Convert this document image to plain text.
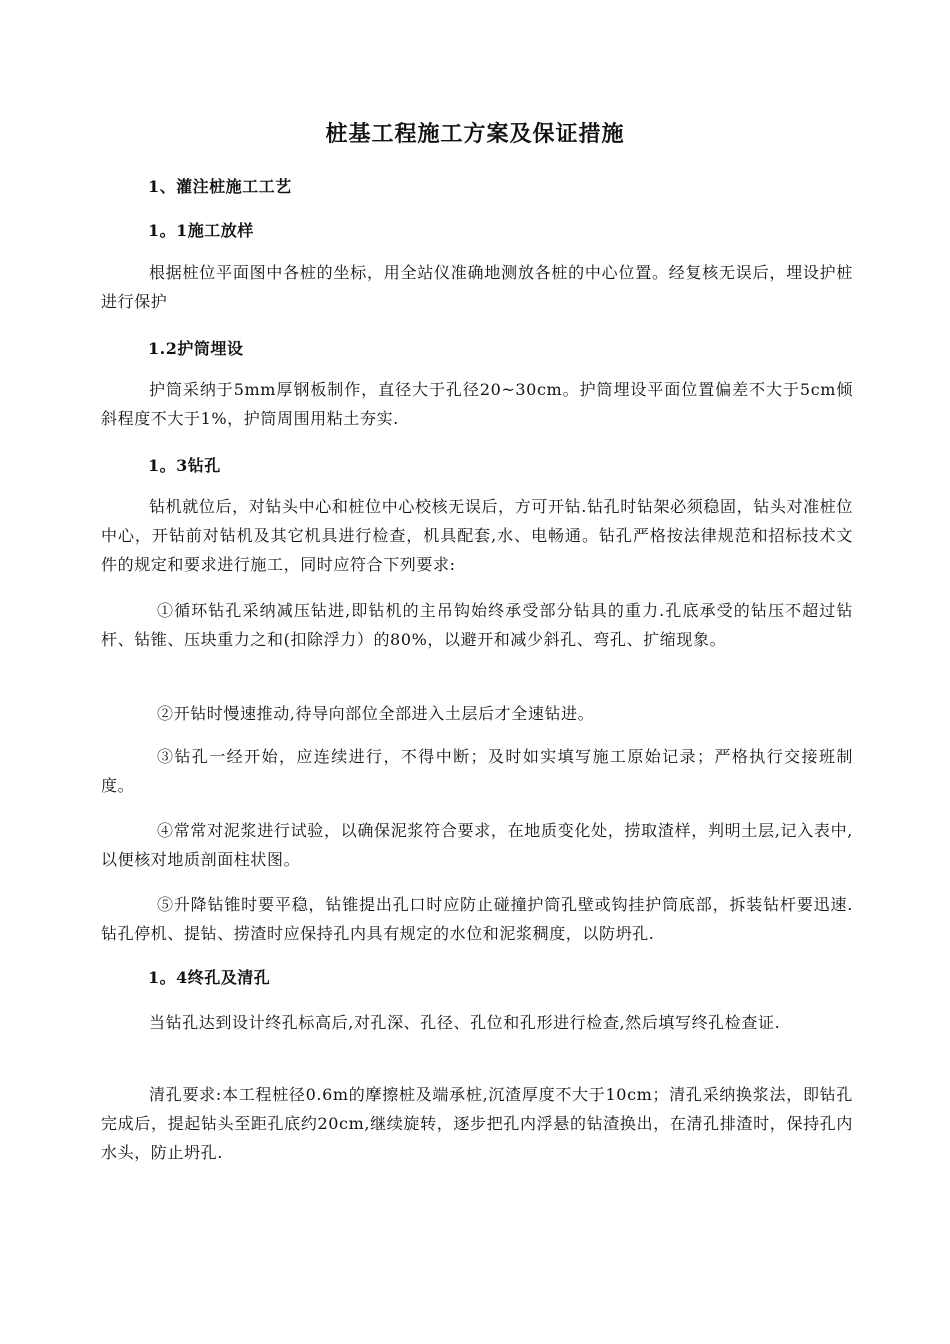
桩基工程施工方案及保证措施
1、灌注桩施工工艺
1。1施工放样
根据桩位平面图中各桩的坐标，用全站仪准确地测放各桩的中心位置。经复核无误后，埋设护桩进行保护
1.2护筒埋设
护筒采纳于5mm厚钢板制作，直径大于孔径20~30cm。护筒埋设平面位置偏差不大于5cm倾斜程度不大于1%，护筒周围用粘土夯实.
1。3钻孔
钻机就位后，对钻头中心和桩位中心校核无误后，方可开钻.钻孔时钻架必须稳固，钻头对准桩位中心，开钻前对钻机及其它机具进行检查，机具配套,水、电畅通。钻孔严格按法律规范和招标技术文件的规定和要求进行施工，同时应符合下列要求:
①循环钻孔采纳减压钻进,即钻机的主吊钩始终承受部分钻具的重力.孔底承受的钻压不超过钻杆、钻锥、压块重力之和(扣除浮力）的80%，以避开和减少斜孔、弯孔、扩缩现象。
②开钻时慢速推动,待导向部位全部进入土层后才全速钻进。
③钻孔一经开始，应连续进行，不得中断；及时如实填写施工原始记录；严格执行交接班制度。
④常常对泥浆进行试验，以确保泥浆符合要求，在地质变化处，捞取渣样，判明土层,记入表中,以便核对地质剖面柱状图。
⑤升降钻锥时要平稳，钻锥提出孔口时应防止碰撞护筒孔壁或钩挂护筒底部，拆装钻杆要迅速.钻孔停机、提钻、捞渣时应保持孔内具有规定的水位和泥浆稠度，以防坍孔.
1。4终孔及清孔
当钻孔达到设计终孔标高后,对孔深、孔径、孔位和孔形进行检查,然后填写终孔检查证.
清孔要求:本工程桩径0.6m的摩擦桩及端承桩,沉渣厚度不大于10cm；清孔采纳换浆法，即钻孔完成后，提起钻头至距孔底约20cm,继续旋转，逐步把孔内浮悬的钻渣换出，在清孔排渣时，保持孔内水头，防止坍孔.
